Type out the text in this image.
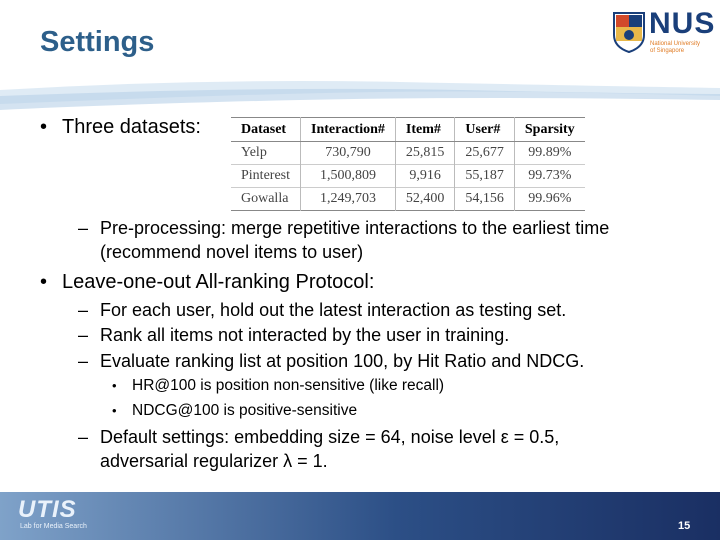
Settings
NUS
National University
of Singapore
• Three datasets:	Dataset	Interaction#	Item#	User#	Sparsity
Yelp	730,790	25,815	25,677	99.89%
Pinterest	1,500,809	9,916	55,187	99.73%
Gowalla	1,249,703	52,400	54,156	99.96%
– Pre-processing: merge repetitive interactions to the earliest time
(recommend novel items to user)
• Leave-one-out All-ranking Protocol:
– For each user, hold out the latest interaction as testing set.
– Rank all items not interacted by the user in training.
– Evaluate ranking list at position 100, by Hit Ratio and NDCG.
• HR@100 is position non-sensitive (like recall)
• NDCG@100 is positive-sensitive
– Default settings: embedding size = 64, noise level ε = 0.5,
adversarial regularizer λ = 1.
UTIS
Lab for Media Search	15
